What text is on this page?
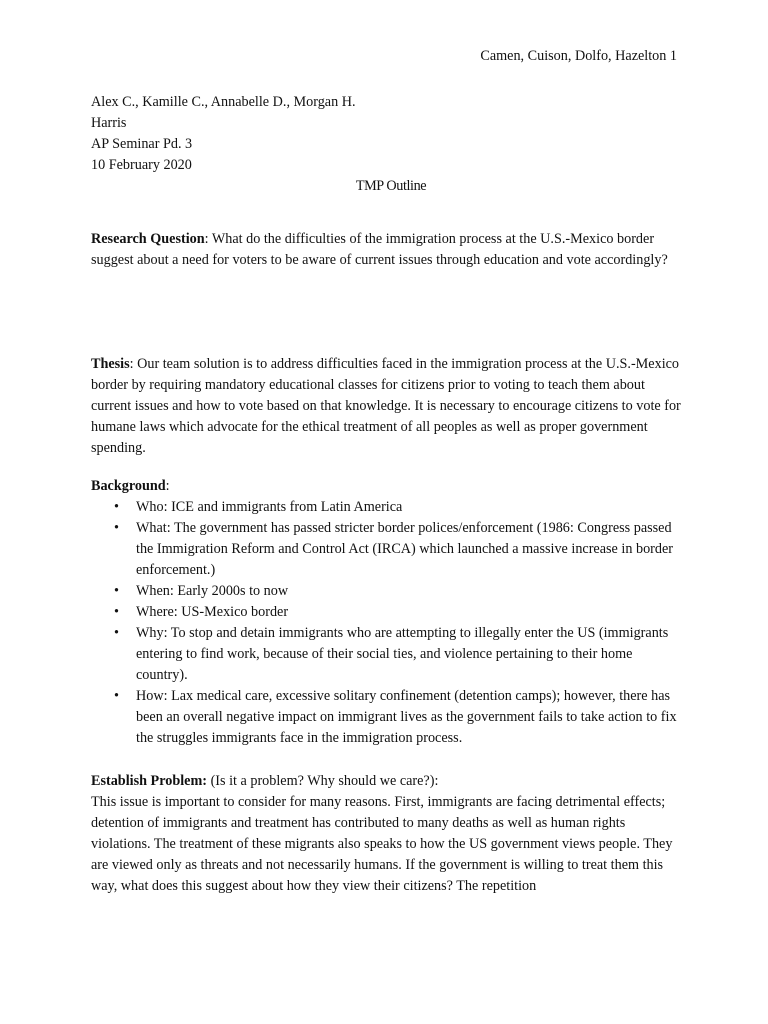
Camen, Cuison, Dolfo, Hazelton 1
Alex C., Kamille C., Annabelle D., Morgan H.
Harris
AP Seminar Pd. 3
10 February 2020
TMP Outline

Research Question: What do the difficulties of the immigration process at the U.S.-Mexico border suggest about a need for voters to be aware of current issues through education and vote accordingly?

Thesis: Our team solution is to address difficulties faced in the immigration process at the U.S.-Mexico border by requiring mandatory educational classes for citizens prior to voting to teach them about current issues and how to vote based on that knowledge. It is necessary to encourage citizens to vote for humane laws which advocate for the ethical treatment of all peoples as well as proper government spending.

Background:

• Who: ICE and immigrants from Latin America
• What: The government has passed stricter border polices/enforcement (1986: Congress passed the Immigration Reform and Control Act (IRCA) which launched a massive increase in border enforcement.)
• When: Early 2000s to now
• Where: US-Mexico border
• Why: To stop and detain immigrants who are attempting to illegally enter the US (immigrants entering to find work, because of their social ties, and violence pertaining to their home country).
• How: Lax medical care, excessive solitary confinement (detention camps); however, there has been an overall negative impact on immigrant lives as the government fails to take action to fix the struggles immigrants face in the immigration process.

Establish Problem: (Is it a problem? Why should we care?):

This issue is important to consider for many reasons. First, immigrants are facing detrimental effects; detention of immigrants and treatment has contributed to many deaths as well as human rights violations. The treatment of these migrants also speaks to how the US government views people. They are viewed only as threats and not necessarily humans. If the government is willing to treat them this way, what does this suggest about how they view their citizens? The repetition
